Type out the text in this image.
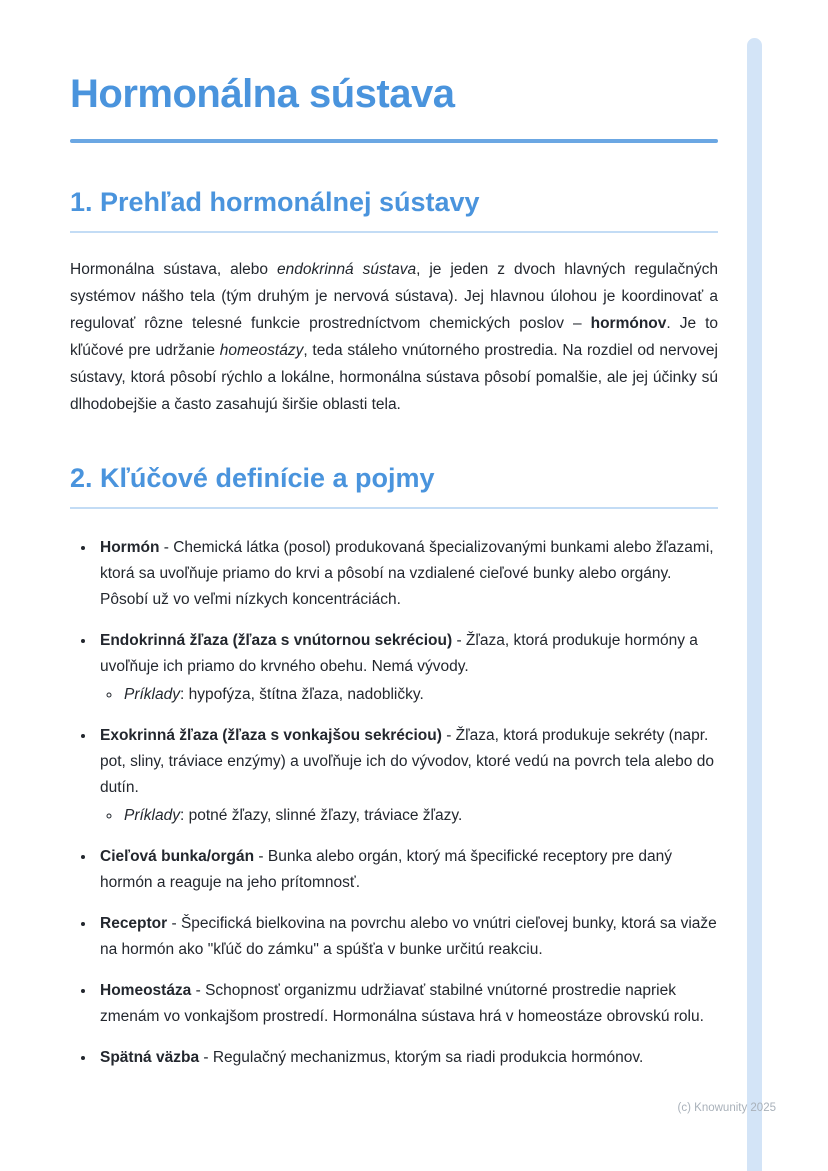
Hormonálna sústava
1. Prehľad hormonálnej sústavy

Hormonálna sústava, alebo endokrinná sústava, je jeden z dvoch hlavných regulačných systémov nášho tela (tým druhým je nervová sústava). Jej hlavnou úlohou je koordinovať a regulovať rôzne telesné funkcie prostredníctvom chemických poslov – hormónov. Je to kľúčové pre udržanie homeostázy, teda stáleho vnútorného prostredia. Na rozdiel od nervovej sústavy, ktorá pôsobí rýchlo a lokálne, hormonálna sústava pôsobí pomalšie, ale jej účinky sú dlhodobejšie a často zasahujú širšie oblasti tela.

2. Kľúčové definície a pojmy
• Hormón - Chemická látka (posol) produkovaná špecializovanými bunkami alebo žľazami, ktorá sa uvoľňuje priamo do krvi a pôsobí na vzdialené cieľové bunky alebo orgány. Pôsobí už vo veľmi nízkych koncentráciách.
• Endokrinná žľaza (žľaza s vnútornou sekréciou) - Žľaza, ktorá produkuje hormóny a uvoľňuje ich priamo do krvného obehu. Nemá vývody.
◦ Príklady: hypofýza, štítna žľaza, nadobličky.
• Exokrinná žľaza (žľaza s vonkajšou sekréciou) - Žľaza, ktorá produkuje sekréty (napr. pot, sliny, tráviace enzýmy) a uvoľňuje ich do vývodov, ktoré vedú na povrch tela alebo do dutín.
◦ Príklady: potné žľazy, slinné žľazy, tráviace žľazy.
• Cieľová bunka/orgán - Bunka alebo orgán, ktorý má špecifické receptory pre daný hormón a reaguje na jeho prítomnosť.
• Receptor - Špecifická bielkovina na povrchu alebo vo vnútri cieľovej bunky, ktorá sa viaže na hormón ako "kľúč do zámku" a spúšťa v bunke určitú reakciu.
• Homeostáza - Schopnosť organizmu udržiavať stabilné vnútorné prostredie napriek zmenám vo vonkajšom prostredí. Hormonálna sústava hrá v homeostáze obrovskú rolu.
• Spätná väzba - Regulačný mechanizmus, ktorým sa riadi produkcia hormónov.
(c) Knowunity 2025
